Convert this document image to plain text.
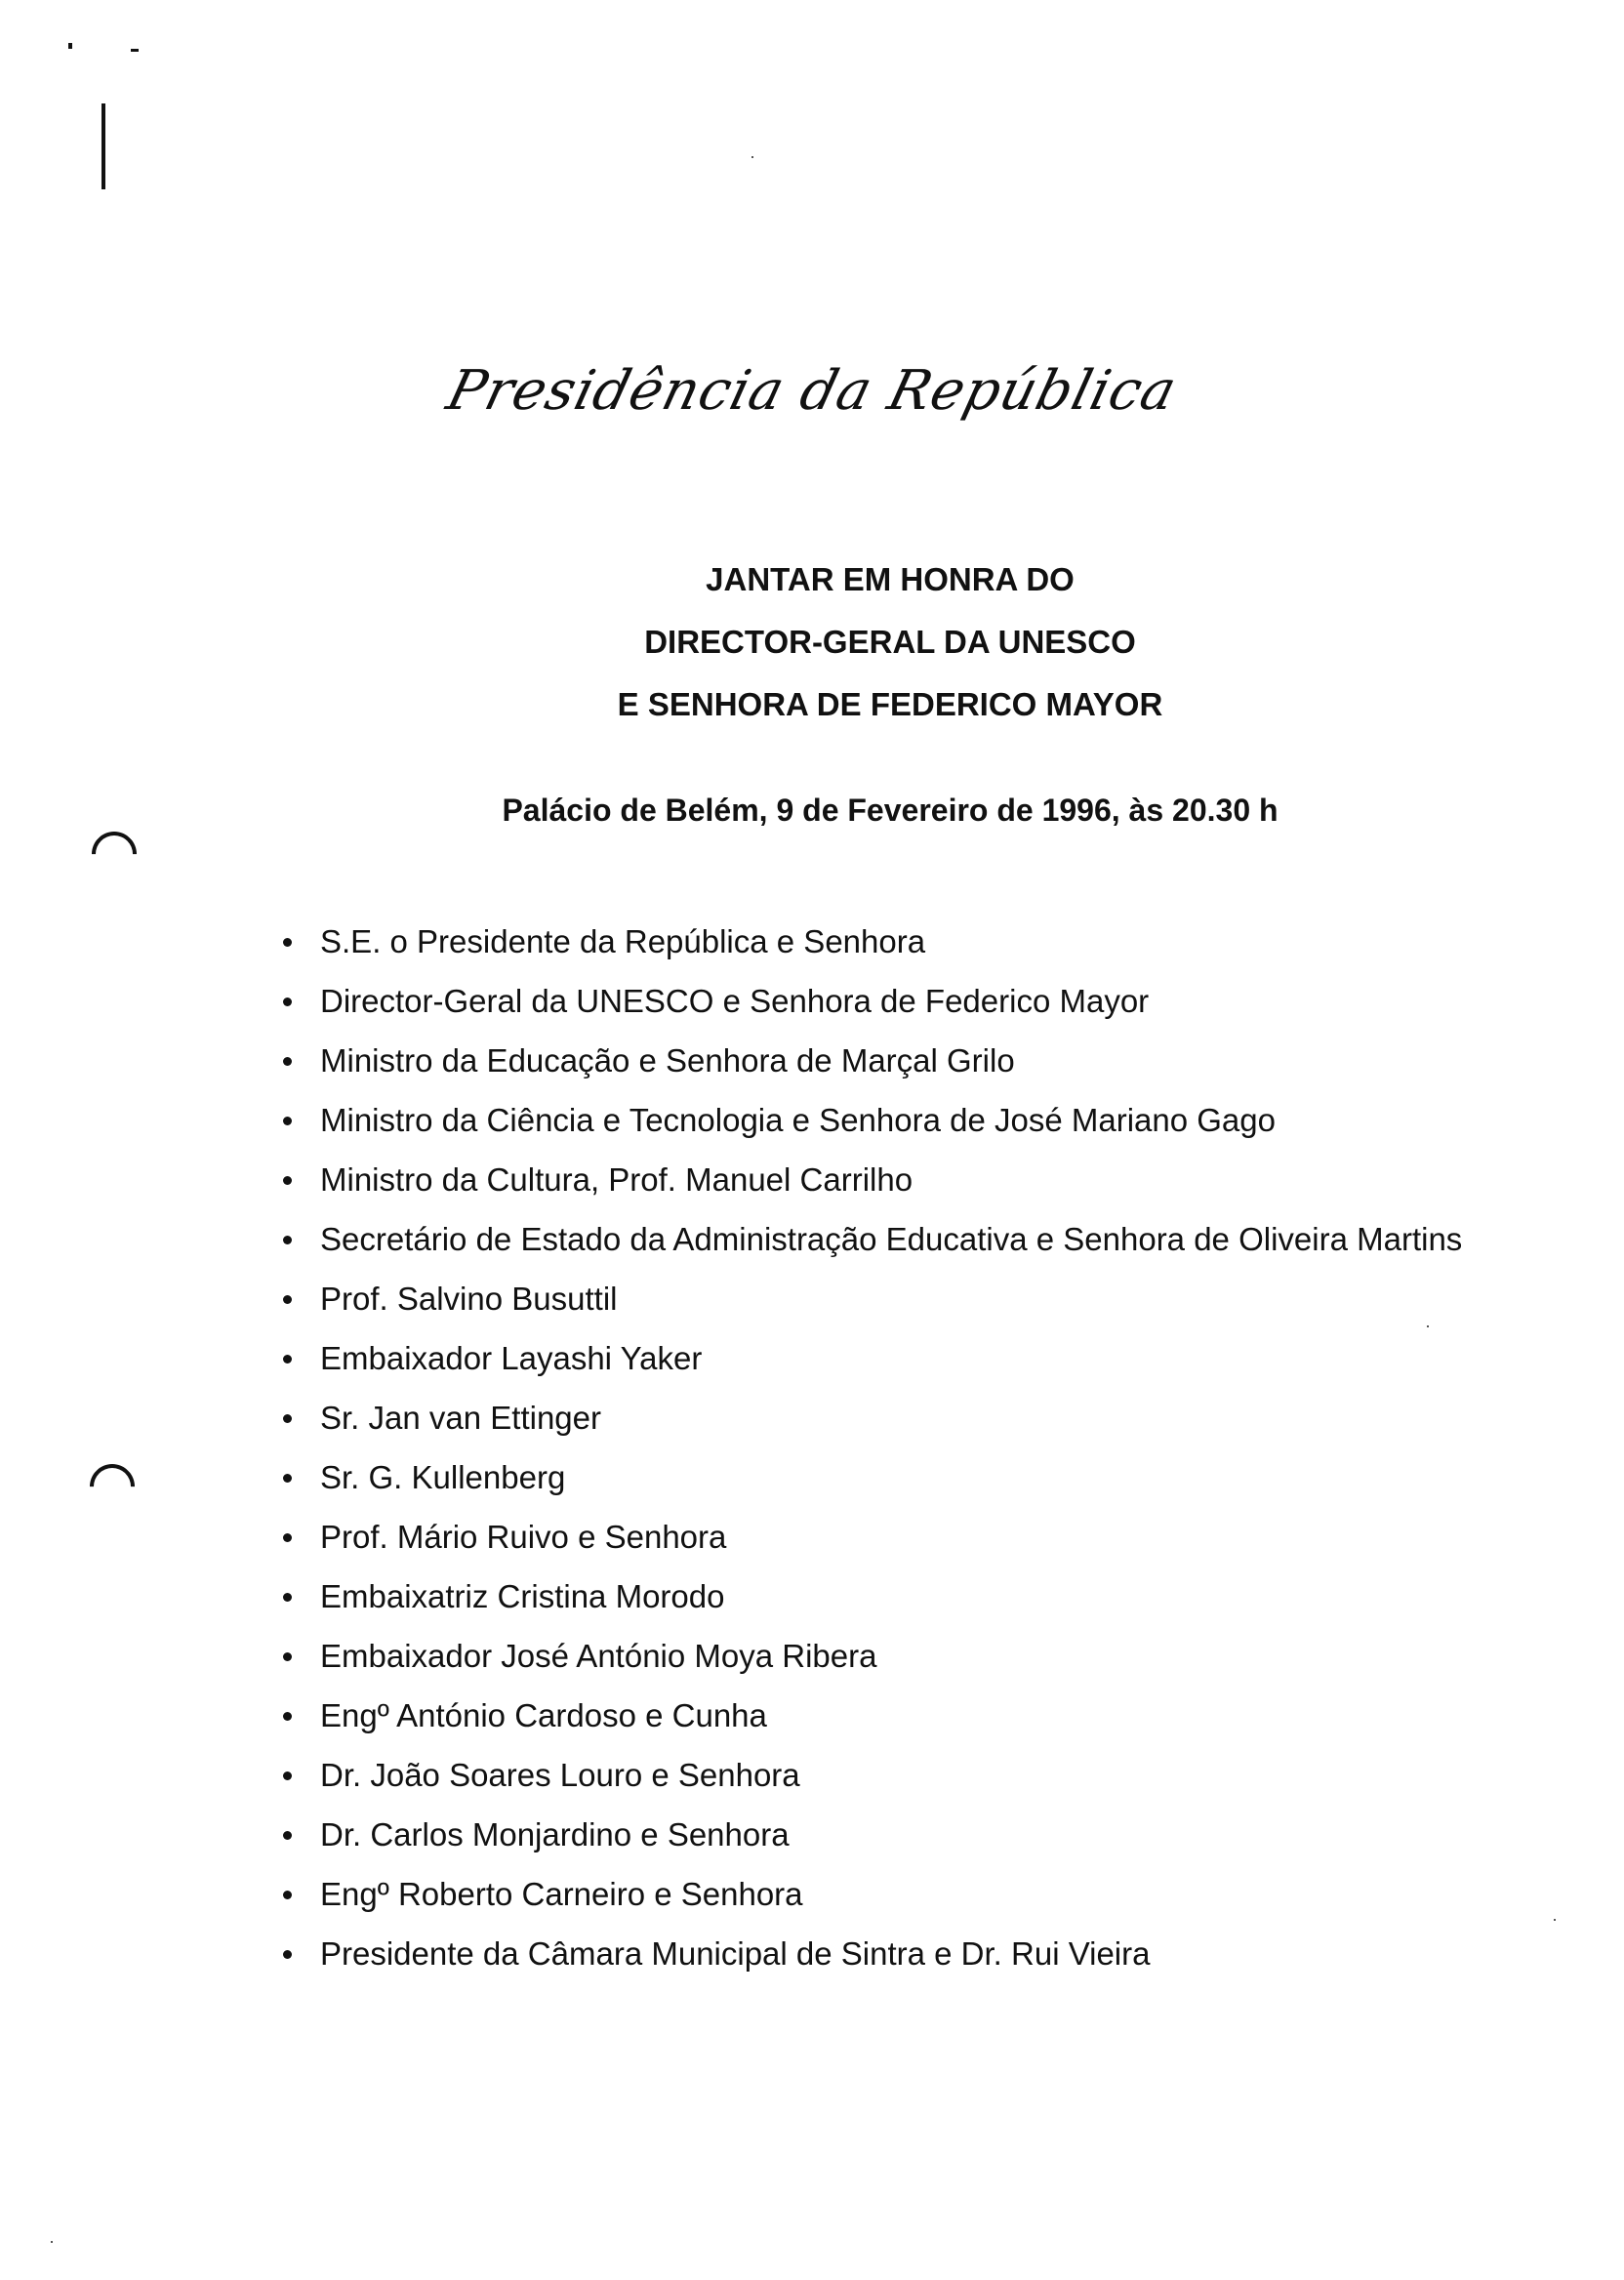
Presidência da República
JANTAR EM HONRA DO
DIRECTOR-GERAL DA UNESCO
E SENHORA DE FEDERICO MAYOR
Palácio de Belém, 9 de Fevereiro de 1996, às 20.30 h
S.E. o Presidente da República e Senhora
Director-Geral da UNESCO e Senhora de Federico Mayor
Ministro da Educação e Senhora de Marçal Grilo
Ministro da Ciência e Tecnologia e Senhora de José Mariano Gago
Ministro da Cultura, Prof. Manuel Carrilho
Secretário de Estado da Administração Educativa e Senhora de Oliveira Martins
Prof. Salvino Busuttil
Embaixador Layashi Yaker
Sr. Jan van Ettinger
Sr. G. Kullenberg
Prof. Mário Ruivo e Senhora
Embaixatriz Cristina Morodo
Embaixador José António Moya Ribera
Engº António Cardoso e Cunha
Dr. João Soares Louro e Senhora
Dr. Carlos Monjardino e Senhora
Engº Roberto Carneiro e Senhora
Presidente da Câmara Municipal de Sintra e Dr. Rui Vieira
